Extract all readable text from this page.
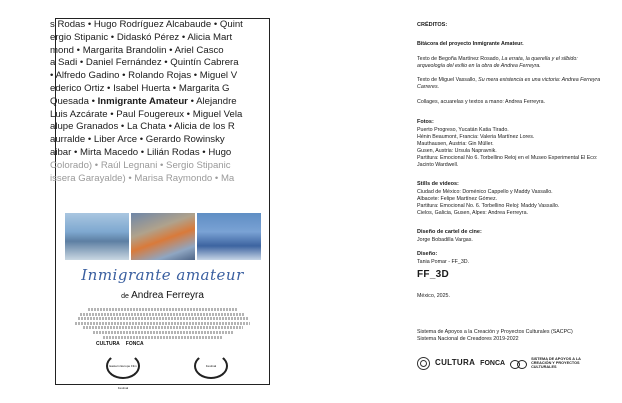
s Rodas • Hugo Rodríguez Alcabaude • Quint
ergio Stipanic • Didaskó Pérez • Alicia Mart
mond • Margarita Brandolin • Ariel Casco
a Sadi • Daniel Fernández • Quintín Cabrera
• Alfredo Gadino • Rolando Rojas • Miguel V
ederico Ortiz • Isabel Huerta • Margarita G
Quesada • Inmigrante Amateur • Alejandre
Luis Azcárate • Paul Fougereux • Miguel Vela
alupe Granados • La Chata • Alicia de los R
aurralde • Liber Arce • Gerardo Rowinsky
aibar • Mirta Macedo • Lilián Rodas • Hugo
Colorado) • Raúl Legnani • Sergio Stipanic
issera Garayalde) • Marisa Raymondo • Ma
Inmigrante amateur
de Andrea Ferreyra
CULTURA FONCA
Eastern Europe Film Festival
Festival
CRÉDITOS:
Bitácora del proyecto Inmigrante Amateur.
Texto de Begoña Martínez Rosado, La errata, la querella y el silbido: arqueología del exilio en la obra de Andrea Ferreyra.
Texto de Miguel Vassallo, Su mera existencia es una victoria: Andrea Ferreyra Carreres.
Collages, acuarelas y textos a mano: Andrea Ferreyra.
Fotos:
Puerto Progreso, Yucatán Katia Tirado.
Hénin Beaumont, Francia: Valeria Martínez Lores.
Mauthausen, Austria: Gin Müller.
Gusen, Austria: Ursula Napravnik.
Partitura: Emocional No 6. Torbellino Reloj en el Museo Experimental El Eco: Jacinto Wardwell.
Stills de videos:
Ciudad de México: Doménico Cappello y Maddy Vassallo.
Albacete: Felipe Martínez Gómez.
Partitura: Emocional No. 6. Torbellino Reloj: Maddy Vassallo.
Cielos, Galicia, Gusen, Alpes: Andrea Ferreyra.
Diseño de cartel de cine:
Jorge Bobadilla Vargas.
Diseño:
Tania Pomar - FF_3D.
FF_3D
México, 2025.
Sistema de Apoyos a la Creación y Proyectos Culturales (SACPC)
Sistema Nacional de Creadores 2019-2022
CULTURA FONCA
SISTEMA DE APOYOS A LA CREACIÓN Y PROYECTOS CULTURALES
